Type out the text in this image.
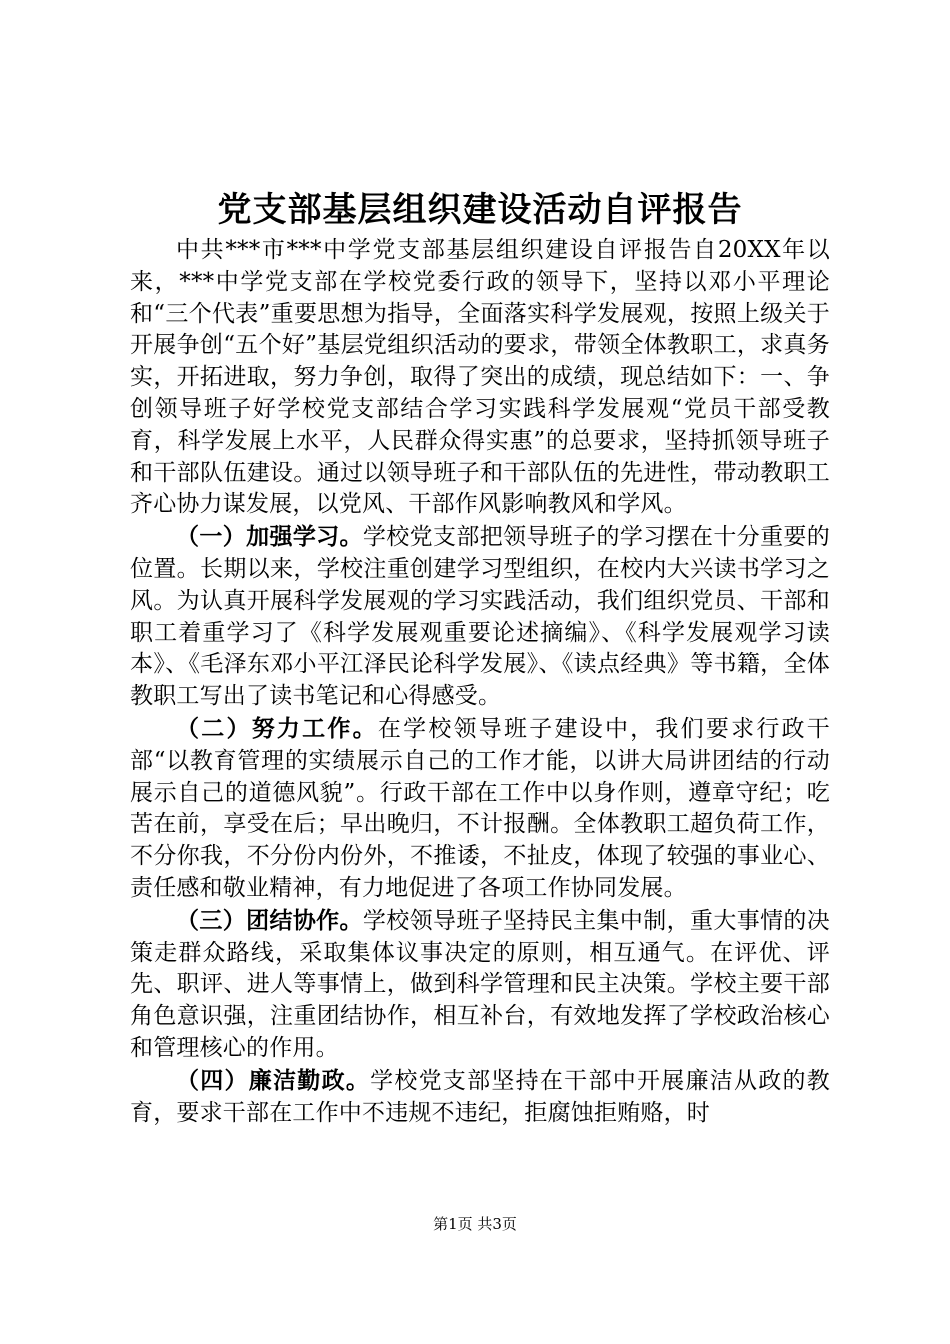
党支部基层组织建设活动自评报告

中共***市***中学党支部基层组织建设自评报告自20XX年以来，***中学党支部在学校党委行政的领导下，坚持以邓小平理论和“三个代表”重要思想为指导，全面落实科学发展观，按照上级关于开展争创“五个好”基层党组织活动的要求，带领全体教职工，求真务实，开拓进取，努力争创，取得了突出的成绩，现总结如下：一、争创领导班子好学校党支部结合学习实践科学发展观“党员干部受教育，科学发展上水平，人民群众得实惠”的总要求，坚持抓领导班子和干部队伍建设。通过以领导班子和干部队伍的先进性，带动教职工齐心协力谋发展，以党风、干部作风影响教风和学风。

（一）加强学习。学校党支部把领导班子的学习摆在十分重要的位置。长期以来，学校注重创建学习型组织，在校内大兴读书学习之风。为认真开展科学发展观的学习实践活动，我们组织党员、干部和职工着重学习了《科学发展观重要论述摘编》、《科学发展观学习读本》、《毛泽东邓小平江泽民论科学发展》、《读点经典》等书籍，全体教职工写出了读书笔记和心得感受。

（二）努力工作。在学校领导班子建设中，我们要求行政干部“以教育管理的实绩展示自己的工作才能，以讲大局讲团结的行动展示自己的道德风貌”。行政干部在工作中以身作则，遵章守纪；吃苦在前，享受在后；早出晚归，不计报酬。全体教职工超负荷工作，不分你我，不分份内份外，不推诿，不扯皮，体现了较强的事业心、责任感和敬业精神，有力地促进了各项工作协同发展。

（三）团结协作。学校领导班子坚持民主集中制，重大事情的决策走群众路线，采取集体议事决定的原则，相互通气。在评优、评先、职评、进人等事情上，做到科学管理和民主决策。学校主要干部角色意识强，注重团结协作，相互补台，有效地发挥了学校政治核心和管理核心的作用。

（四）廉洁勤政。学校党支部坚持在干部中开展廉洁从政的教育，要求干部在工作中不违规不违纪，拒腐蚀拒贿赂，时

第1页 共3页
